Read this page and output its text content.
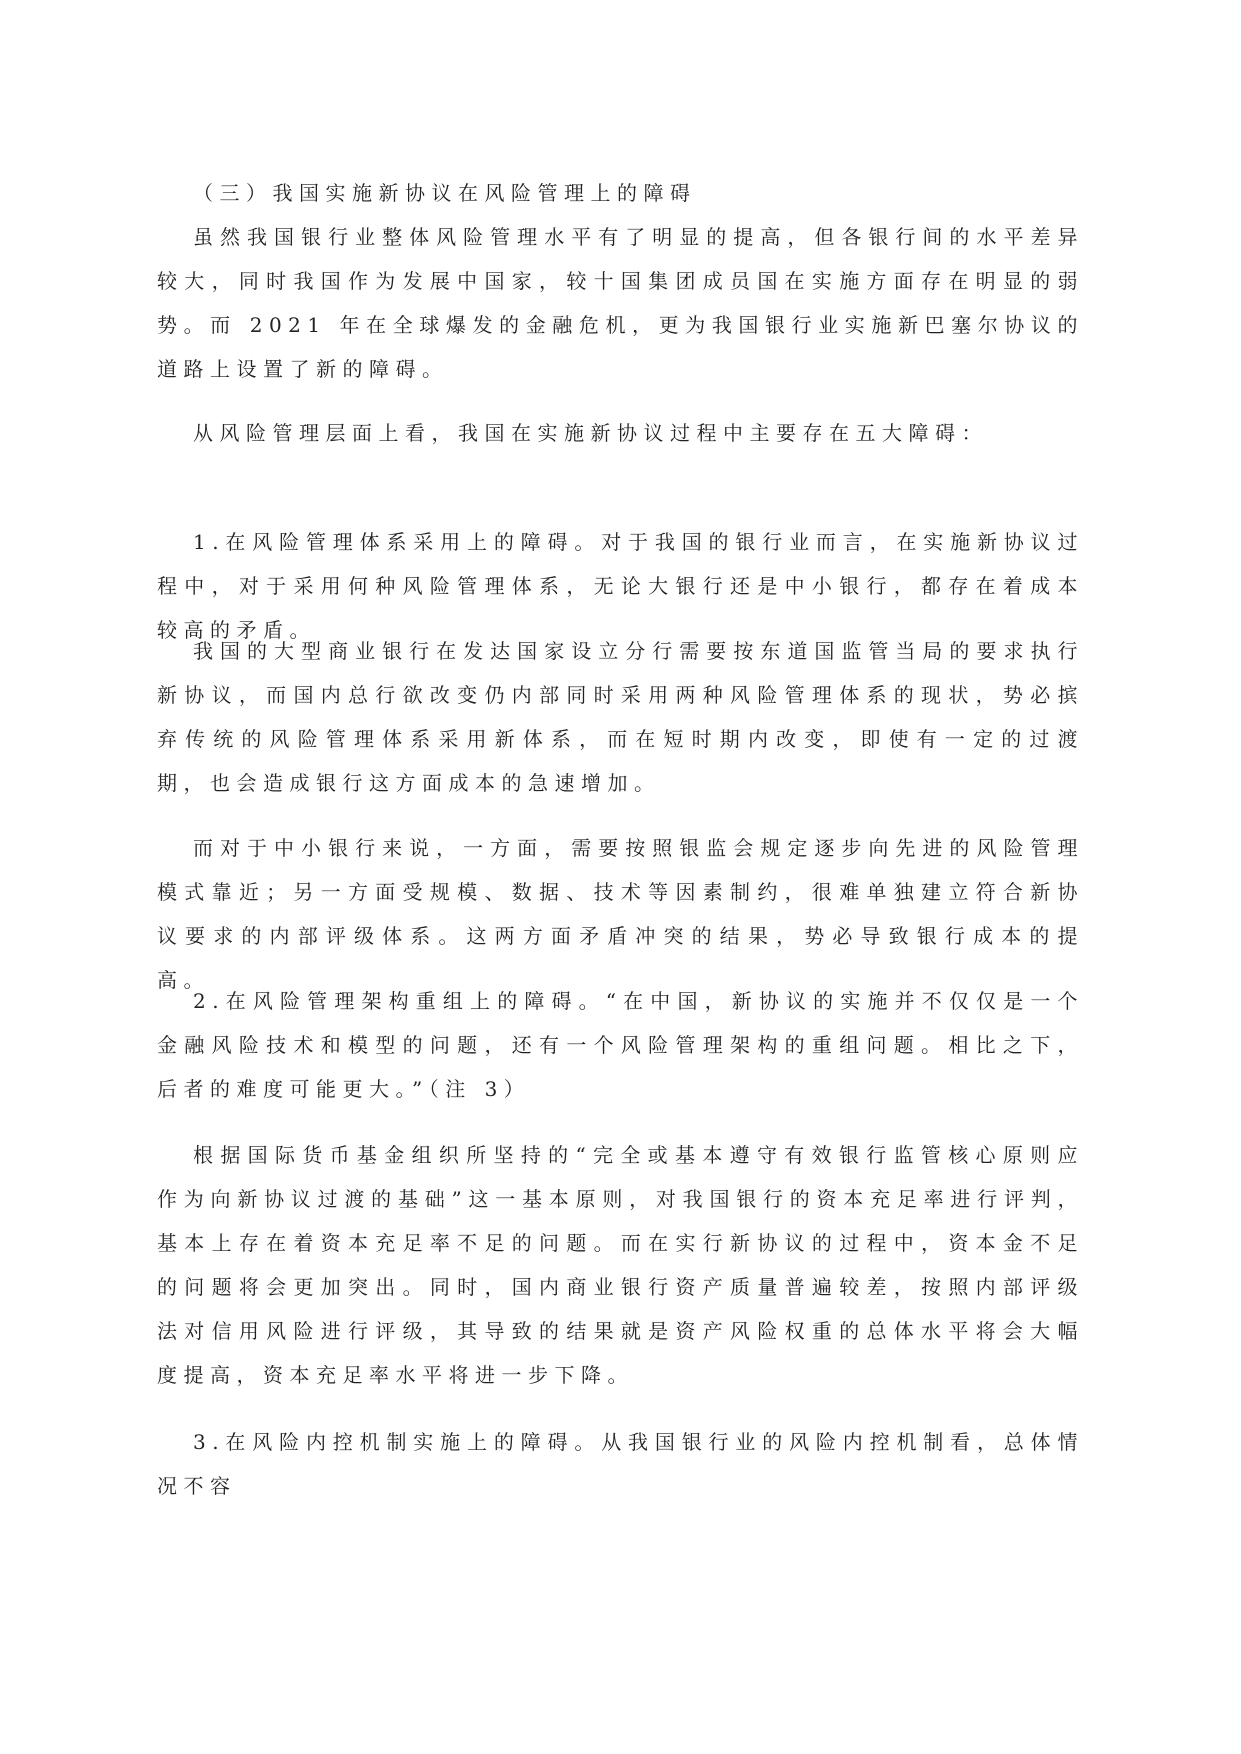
（三）我国实施新协议在风险管理上的障碍

虽然我国银行业整体风险管理水平有了明显的提高，但各银行间的水平差异较大，同时我国作为发展中国家，较十国集团成员国在实施方面存在明显的弱势。而 2021 年在全球爆发的金融危机，更为我国银行业实施新巴塞尔协议的道路上设置了新的障碍。

从风险管理层面上看，我国在实施新协议过程中主要存在五大障碍：

1.在风险管理体系采用上的障碍。对于我国的银行业而言，在实施新协议过程中，对于采用何种风险管理体系，无论大银行还是中小银行，都存在着成本较高的矛盾。

我国的大型商业银行在发达国家设立分行需要按东道国监管当局的要求执行新协议，而国内总行欲改变仍内部同时采用两种风险管理体系的现状，势必摈弃传统的风险管理体系采用新体系，而在短时期内改变，即使有一定的过渡期，也会造成银行这方面成本的急速增加。

而对于中小银行来说，一方面，需要按照银监会规定逐步向先进的风险管理模式靠近；另一方面受规模、数据、技术等因素制约，很难单独建立符合新协议要求的内部评级体系。这两方面矛盾冲突的结果，势必导致银行成本的提高。

2.在风险管理架构重组上的障碍。“在中国，新协议的实施并不仅仅是一个金融风险技术和模型的问题，还有一个风险管理架构的重组问题。相比之下，后者的难度可能更大。”（注 3）

根据国际货币基金组织所坚持的“完全或基本遵守有效银行监管核心原则应作为向新协议过渡的基础”这一基本原则，对我国银行的资本充足率进行评判，基本上存在着资本充足率不足的问题。而在实行新协议的过程中，资本金不足的问题将会更加突出。同时，国内商业银行资产质量普遍较差，按照内部评级法对信用风险进行评级，其导致的结果就是资产风险权重的总体水平将会大幅度提高，资本充足率水平将进一步下降。

3.在风险内控机制实施上的障碍。从我国银行业的风险内控机制看，总体情况不容
